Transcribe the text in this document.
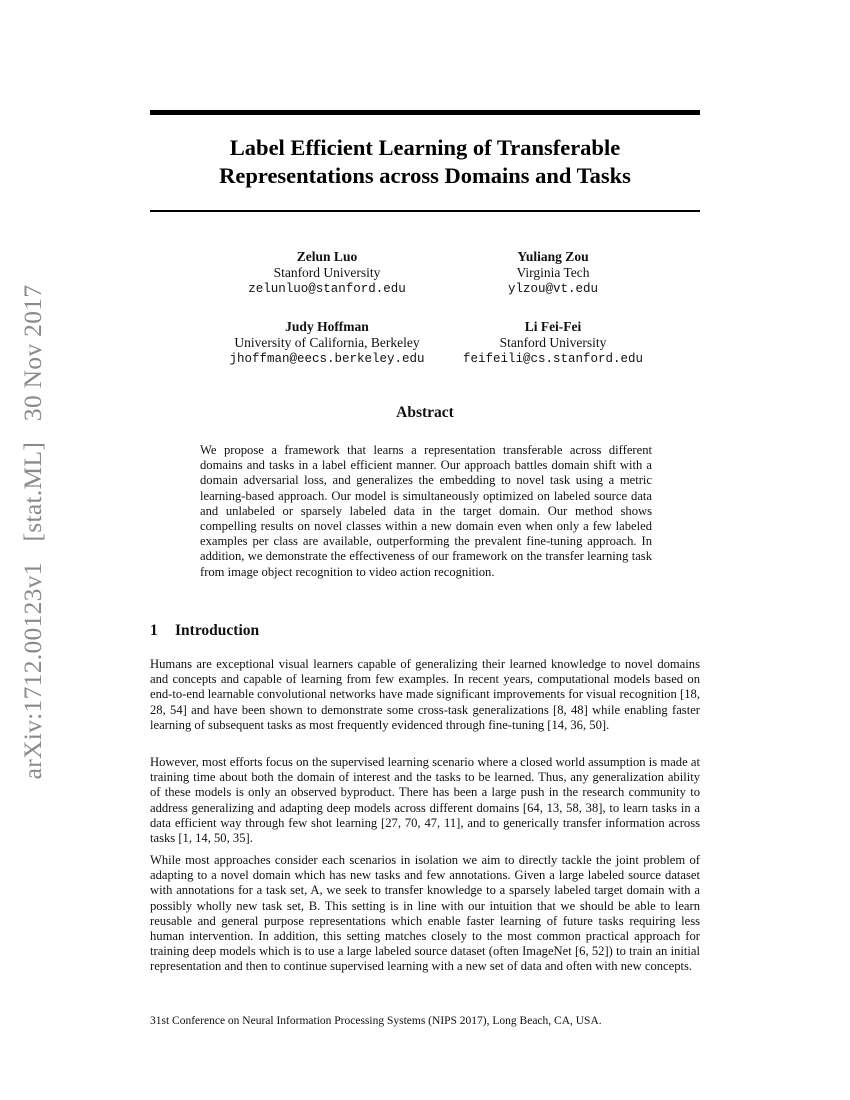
arXiv:1712.00123v1 [stat.ML] 30 Nov 2017
Label Efficient Learning of Transferable
Representations across Domains and Tasks
Zelun Luo
Stanford University
zelunluo@stanford.edu
Yuliang Zou
Virginia Tech
ylzou@vt.edu
Judy Hoffman
University of California, Berkeley
jhoffman@eecs.berkeley.edu
Li Fei-Fei
Stanford University
feifeili@cs.stanford.edu
Abstract
We propose a framework that learns a representation transferable across different domains and tasks in a label efficient manner. Our approach battles domain shift with a domain adversarial loss, and generalizes the embedding to novel task using a metric learning-based approach. Our model is simultaneously optimized on labeled source data and unlabeled or sparsely labeled data in the target domain. Our method shows compelling results on novel classes within a new domain even when only a few labeled examples per class are available, outperforming the prevalent fine-tuning approach. In addition, we demonstrate the effectiveness of our framework on the transfer learning task from image object recognition to video action recognition.
1 Introduction
Humans are exceptional visual learners capable of generalizing their learned knowledge to novel domains and concepts and capable of learning from few examples. In recent years, computational models based on end-to-end learnable convolutional networks have made significant improvements for visual recognition [18, 28, 54] and have been shown to demonstrate some cross-task generalizations [8, 48] while enabling faster learning of subsequent tasks as most frequently evidenced through fine-tuning [14, 36, 50].
However, most efforts focus on the supervised learning scenario where a closed world assumption is made at training time about both the domain of interest and the tasks to be learned. Thus, any generalization ability of these models is only an observed byproduct. There has been a large push in the research community to address generalizing and adapting deep models across different domains [64, 13, 58, 38], to learn tasks in a data efficient way through few shot learning [27, 70, 47, 11], and to generically transfer information across tasks [1, 14, 50, 35].
While most approaches consider each scenarios in isolation we aim to directly tackle the joint problem of adapting to a novel domain which has new tasks and few annotations. Given a large labeled source dataset with annotations for a task set, A, we seek to transfer knowledge to a sparsely labeled target domain with a possibly wholly new task set, B. This setting is in line with our intuition that we should be able to learn reusable and general purpose representations which enable faster learning of future tasks requiring less human intervention. In addition, this setting matches closely to the most common practical approach for training deep models which is to use a large labeled source dataset (often ImageNet [6, 52]) to train an initial representation and then to continue supervised learning with a new set of data and often with new concepts.
31st Conference on Neural Information Processing Systems (NIPS 2017), Long Beach, CA, USA.
